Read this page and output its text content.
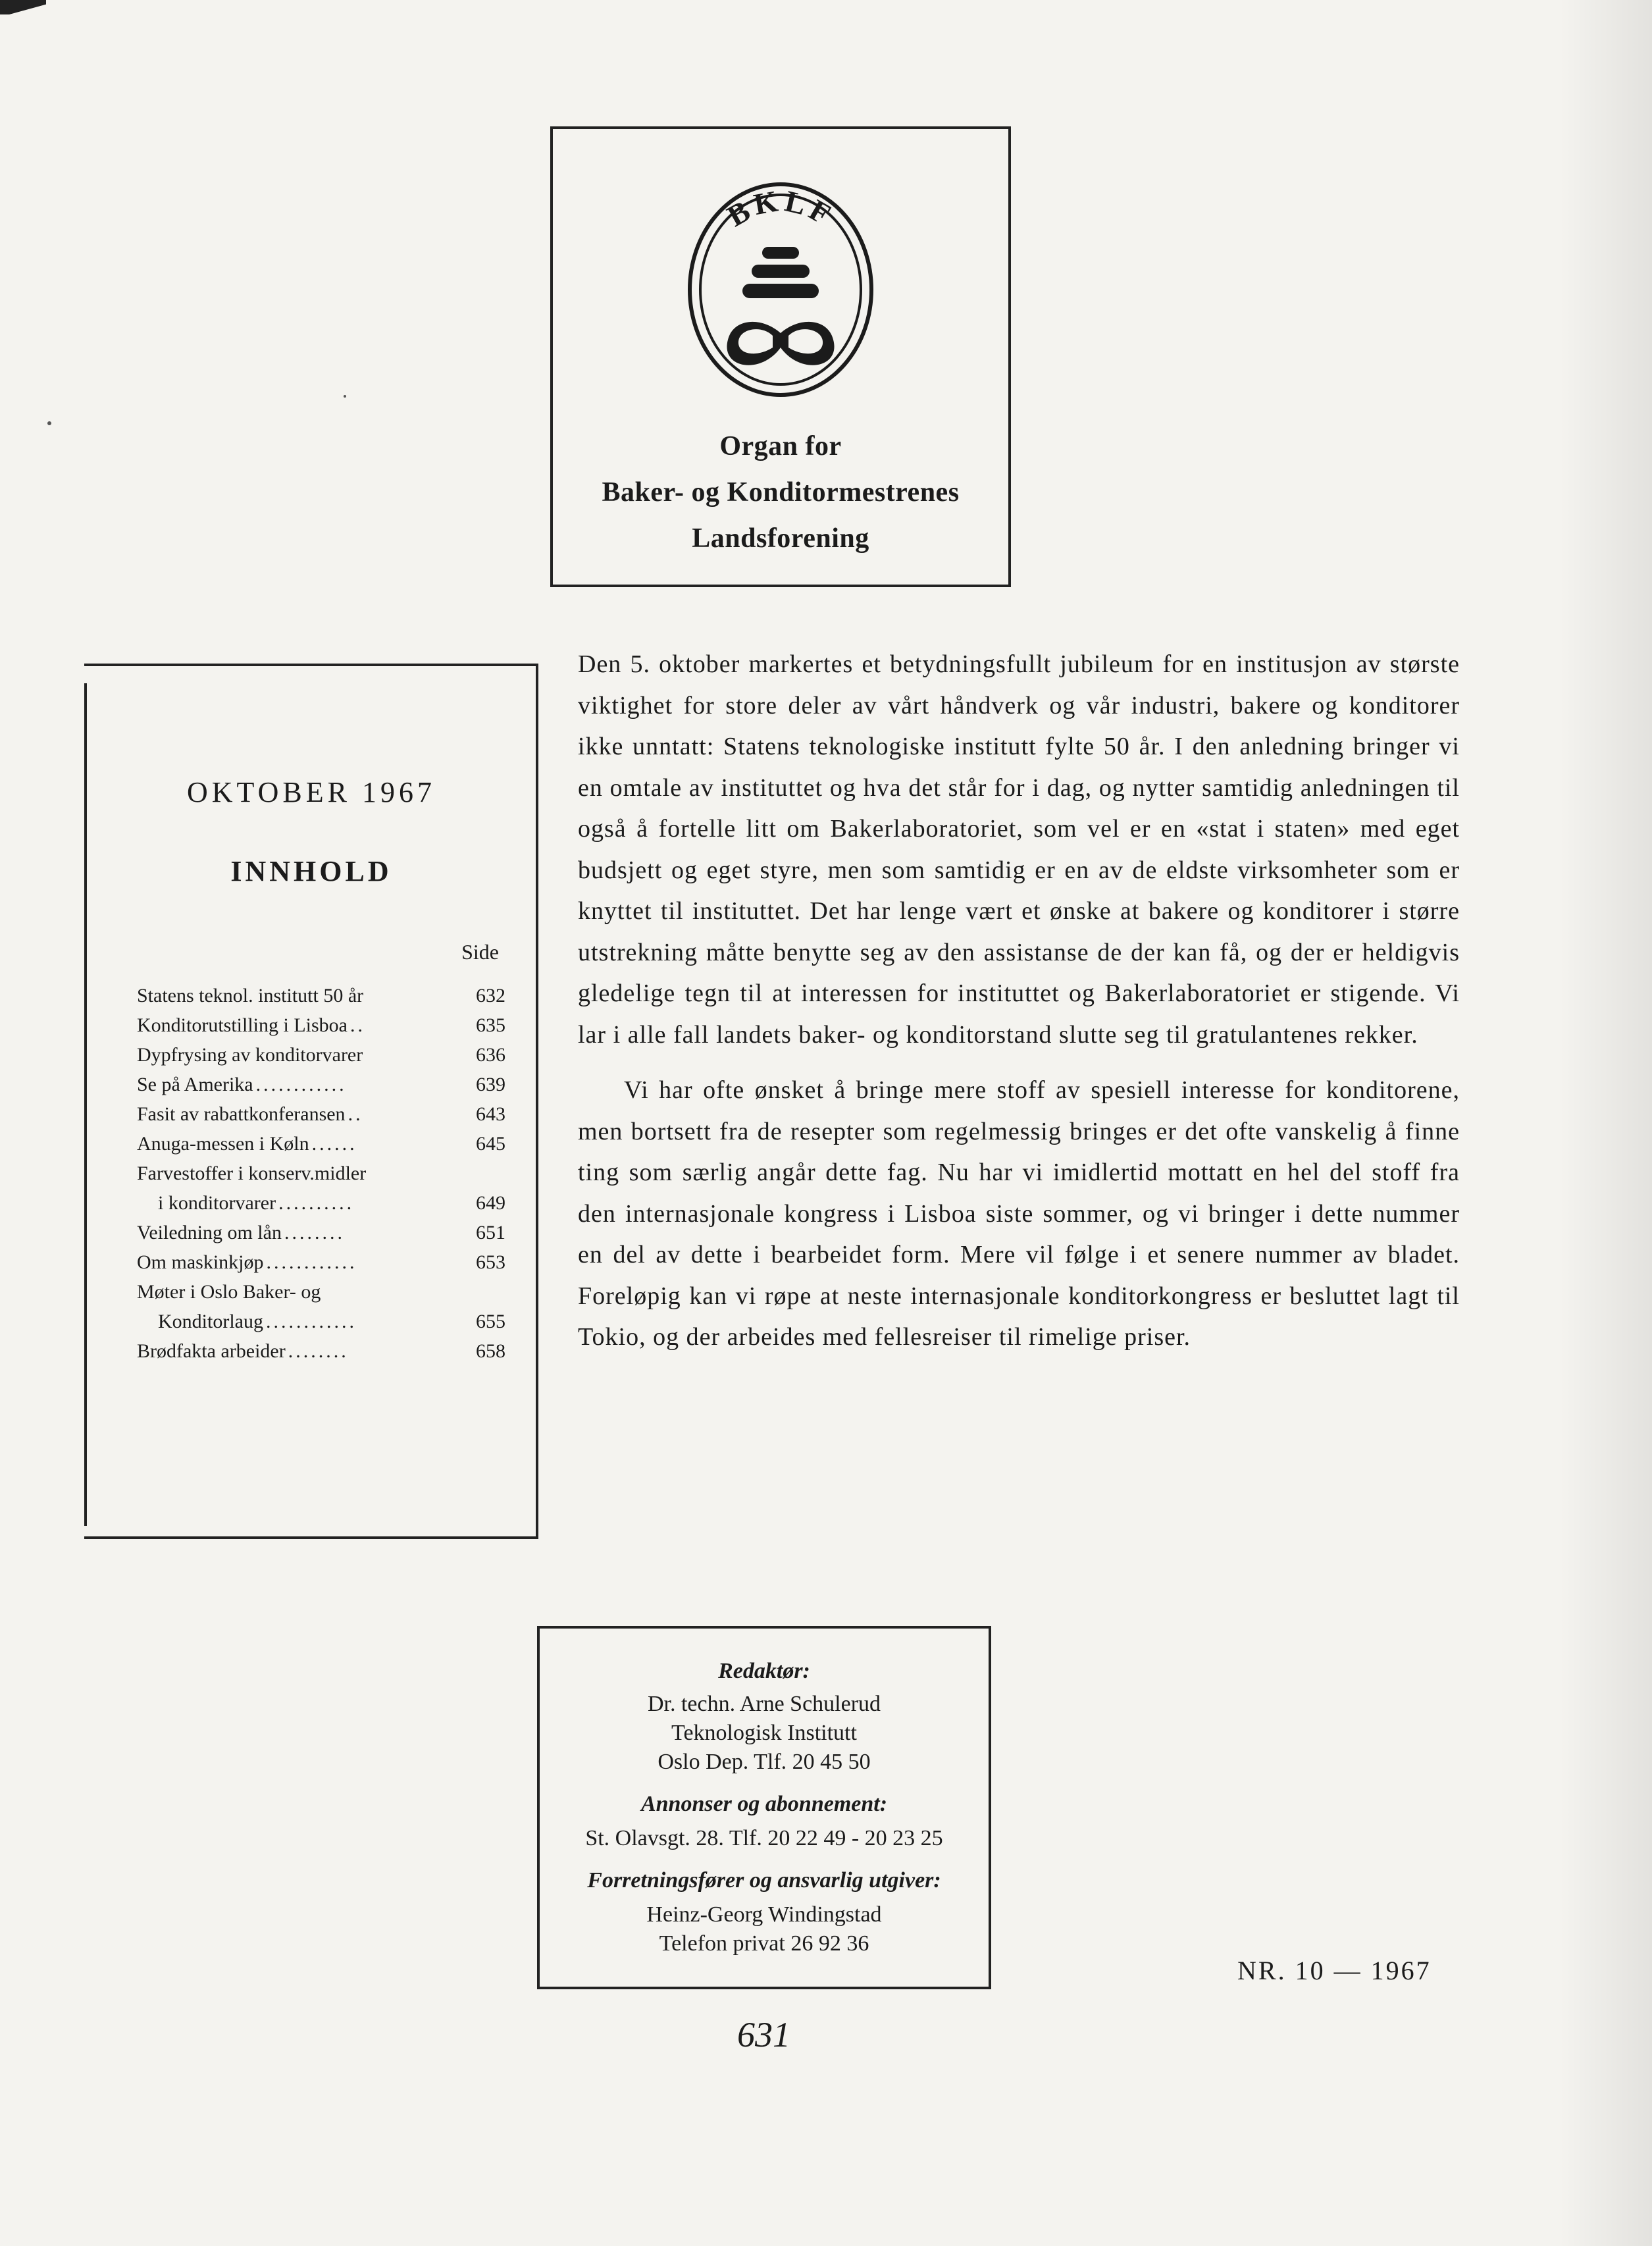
BKLF
Organ for
Baker- og Konditormestrenes
Landsforening
OKTOBER 1967
INNHOLD
Side
Statens teknol. institutt 50 år	632
Konditorutstilling i Lisboa ..	635
Dypfrysing av konditorvarer	636
Se på Amerika ............	639
Fasit av rabattkonferansen ..	643
Anuga-messen i Køln ......	645
Farvestoffer i konserv.midler
i konditorvarer ..........	649
Veiledning om lån ........	651
Om maskinkjøp ............	653
Møter i Oslo Baker- og
Konditorlaug ............	655
Brødfakta arbeider ........	658

Den 5. oktober markertes et betydningsfullt jubileum for en institusjon av største viktighet for store deler av vårt håndverk og vår industri, bakere og konditorer ikke unntatt: Statens teknologiske institutt fylte 50 år. I den anledning bringer vi en omtale av instituttet og hva det står for i dag, og nytter samtidig anledningen til også å fortelle litt om Bakerlaboratoriet, som vel er en «stat i staten» med eget budsjett og eget styre, men som samtidig er en av de eldste virksomheter som er knyttet til instituttet. Det har lenge vært et ønske at bakere og konditorer i større utstrekning måtte benytte seg av den assistanse de der kan få, og der er heldigvis gledelige tegn til at interessen for instituttet og Bakerlaboratoriet er stigende. Vi lar i alle fall landets baker- og konditorstand slutte seg til gratulantenes rekker.

Vi har ofte ønsket å bringe mere stoff av spesiell interesse for konditorene, men bortsett fra de resepter som regelmessig bringes er det ofte vanskelig å finne ting som særlig angår dette fag. Nu har vi imidlertid mottatt en hel del stoff fra den internasjonale kongress i Lisboa siste sommer, og vi bringer i dette nummer en del av dette i bearbeidet form. Mere vil følge i et senere nummer av bladet. Foreløpig kan vi røpe at neste internasjonale konditorkongress er besluttet lagt til Tokio, og der arbeides med fellesreiser til rimelige priser.

Redaktør:
Dr. techn. Arne Schulerud
Teknologisk Institutt
Oslo Dep. Tlf. 20 45 50
Annonser og abonnement:
St. Olavsgt. 28. Tlf. 20 22 49 - 20 23 25
Forretningsfører og ansvarlig utgiver:
Heinz-Georg Windingstad
Telefon privat 26 92 36
NR. 10 — 1967
631
